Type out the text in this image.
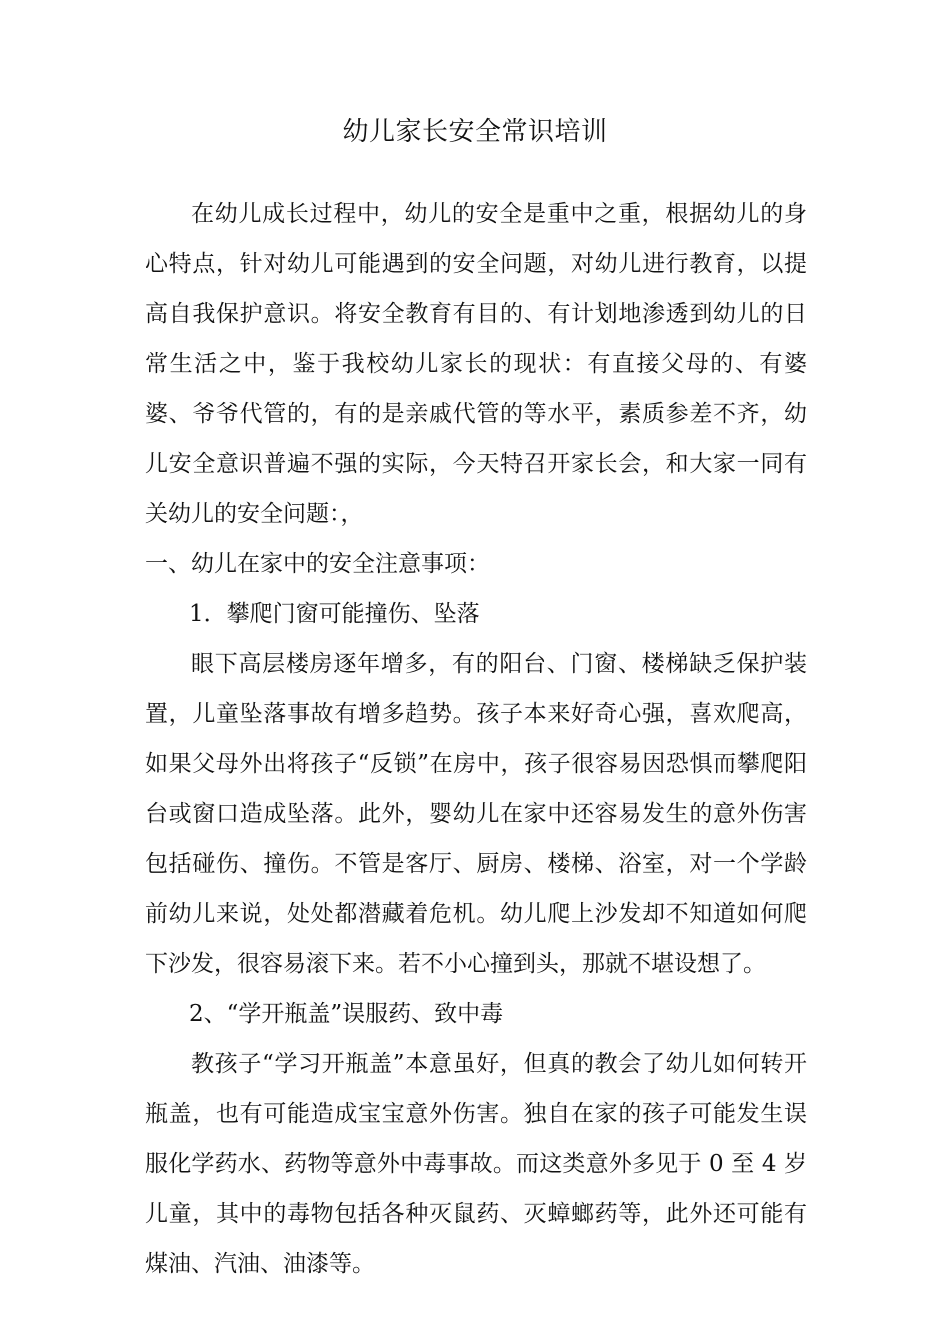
幼儿家长安全常识培训

在幼儿成长过程中，幼儿的安全是重中之重，根据幼儿的身心特点，针对幼儿可能遇到的安全问题，对幼儿进行教育，以提高自我保护意识。将安全教育有目的、有计划地渗透到幼儿的日常生活之中，鉴于我校幼儿家长的现状：有直接父母的、有婆婆、爷爷代管的，有的是亲戚代管的等水平，素质参差不齐，幼儿安全意识普遍不强的实际，今天特召开家长会，和大家一同有关幼儿的安全问题：，

一、幼儿在家中的安全注意事项：

1．攀爬门窗可能撞伤、坠落

眼下高层楼房逐年增多，有的阳台、门窗、楼梯缺乏保护装置，儿童坠落事故有增多趋势。孩子本来好奇心强，喜欢爬高，如果父母外出将孩子“反锁”在房中，孩子很容易因恐惧而攀爬阳台或窗口造成坠落。此外，婴幼儿在家中还容易发生的意外伤害包括碰伤、撞伤。不管是客厅、厨房、楼梯、浴室，对一个学龄前幼儿来说，处处都潜藏着危机。幼儿爬上沙发却不知道如何爬下沙发，很容易滚下来。若不小心撞到头，那就不堪设想了。

2、“学开瓶盖”误服药、致中毒

教孩子“学习开瓶盖”本意虽好，但真的教会了幼儿如何转开瓶盖，也有可能造成宝宝意外伤害。独自在家的孩子可能发生误服化学药水、药物等意外中毒事故。而这类意外多见于 0 至 4 岁儿童，其中的毒物包括各种灭鼠药、灭蟑螂药等，此外还可能有煤油、汽油、油漆等。
